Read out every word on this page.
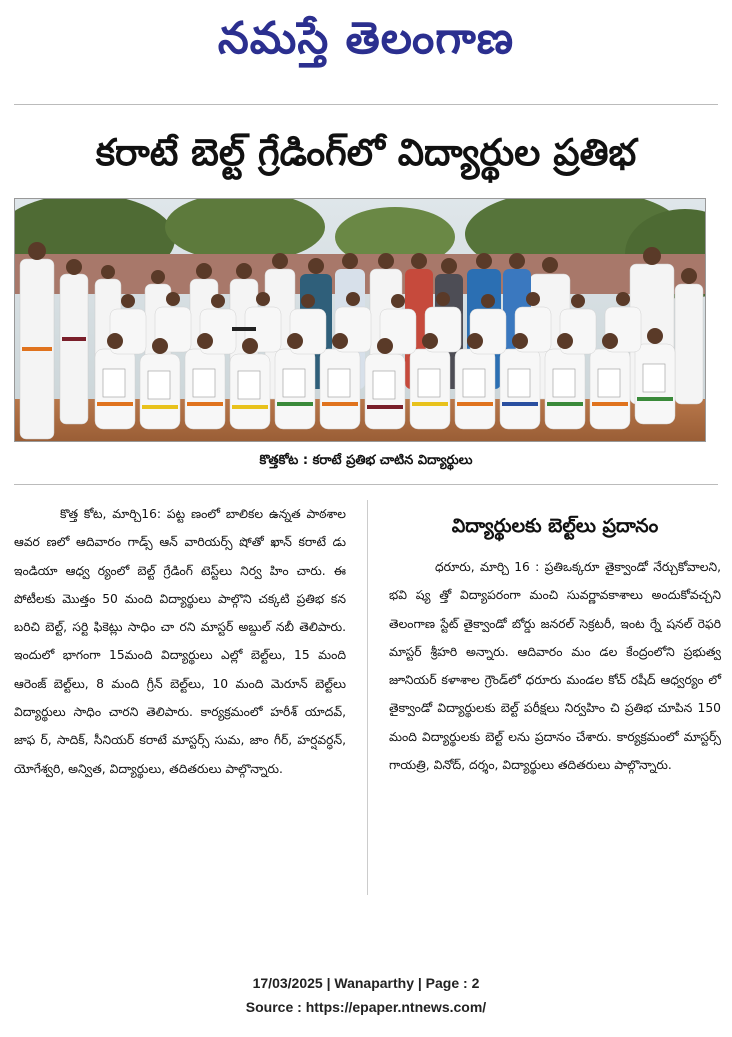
నమస్తే తెలంగాణ
కరాటే బెల్ట్‌ గ్రేడింగ్‌లో విద్యార్థుల ప్రతిభ
కొత్తకోట : కరాటే ప్రతిభ చాటిన విద్యార్థులు

కొత్త కోట, మార్చి16: పట్ట ణంలో బాలికల ఉన్నత పాఠశాల ఆవర ణలో ఆదివారం గాడ్స్‌ ఆన్‌ వారియర్స్‌ షోతో ఖాన్‌ కరాటే డు ఇండియా ఆధ్వ ర్యంలో బెల్ట్‌ గ్రేడింగ్‌ టెస్ట్‌లు నిర్వ హిం చారు. ఈ పోటీలకు మొత్తం 50 మంది విద్యార్థులు పాల్గొని చక్కటి ప్రతిభ కన బరిచి బెల్ట్‌, సర్టి ఫికెట్లు సాధిం చా రని మాస్టర్‌ అబ్దుల్‌ నబీ తెలిపారు. ఇందులో భాగంగా 15మంది విద్యార్థులు ఎల్లో బెల్ట్‌లు, 15 మంది ఆరెంజ్‌ బెల్ట్‌లు, 8 మంది గ్రీన్‌ బెల్ట్‌లు, 10 మంది మెరూన్‌ బెల్ట్‌లు విద్యార్థులు సాధిం చారని తెలిపారు. కార్యక్రమంలో హరీశ్‌ యాదవ్‌, జాఫ ర్‌, సాదిక్‌, సీనియర్‌ కరాటే మాస్టర్స్‌ సుమ, జాం గీర్‌, హర్షవర్ధన్‌, యోగేశ్వరి, అన్విత, విద్యార్థులు, తదితరులు పాల్గొన్నారు.

విద్యార్థులకు బెల్ట్‌లు ప్రదానం

ధరూరు, మార్చి 16 : ప్రతిఒక్కరూ తైక్వాండో నేర్చుకోవాలని, భవి ష్య త్తో విద్యాపరంగా మంచి సువర్ణావకాశాలు అందుకోవచ్చని తెలంగాణ స్టేట్‌ తైక్వాండో బోర్డు జనరల్‌ సెక్రటరీ, ఇంట ర్నే షనల్‌ రెఫరి మాస్టర్‌ శ్రీహరి అన్నారు. ఆదివారం మం డల కేంద్రంలోని ప్రభుత్వ జూనియర్‌ కళాశాల గ్రౌండ్‌లో ధరూరు మండల కోచ్‌ రషీద్‌ ఆధ్వర్యం లో తైక్వాండో విద్యార్థులకు బెల్ట్‌ పరీక్షలు నిర్వహిం చి ప్రతిభ చూపిన 150 మంది విద్యార్థులకు బెల్ట్‌ లను ప్రదానం చేశారు. కార్యక్రమంలో మాస్టర్స్‌ గాయత్రి, వినోద్‌, దర్శం, విద్యార్థులు తదితరులు పాల్గొన్నారు.

17/03/2025 | Wanaparthy | Page : 2
Source : https://epaper.ntnews.com/
